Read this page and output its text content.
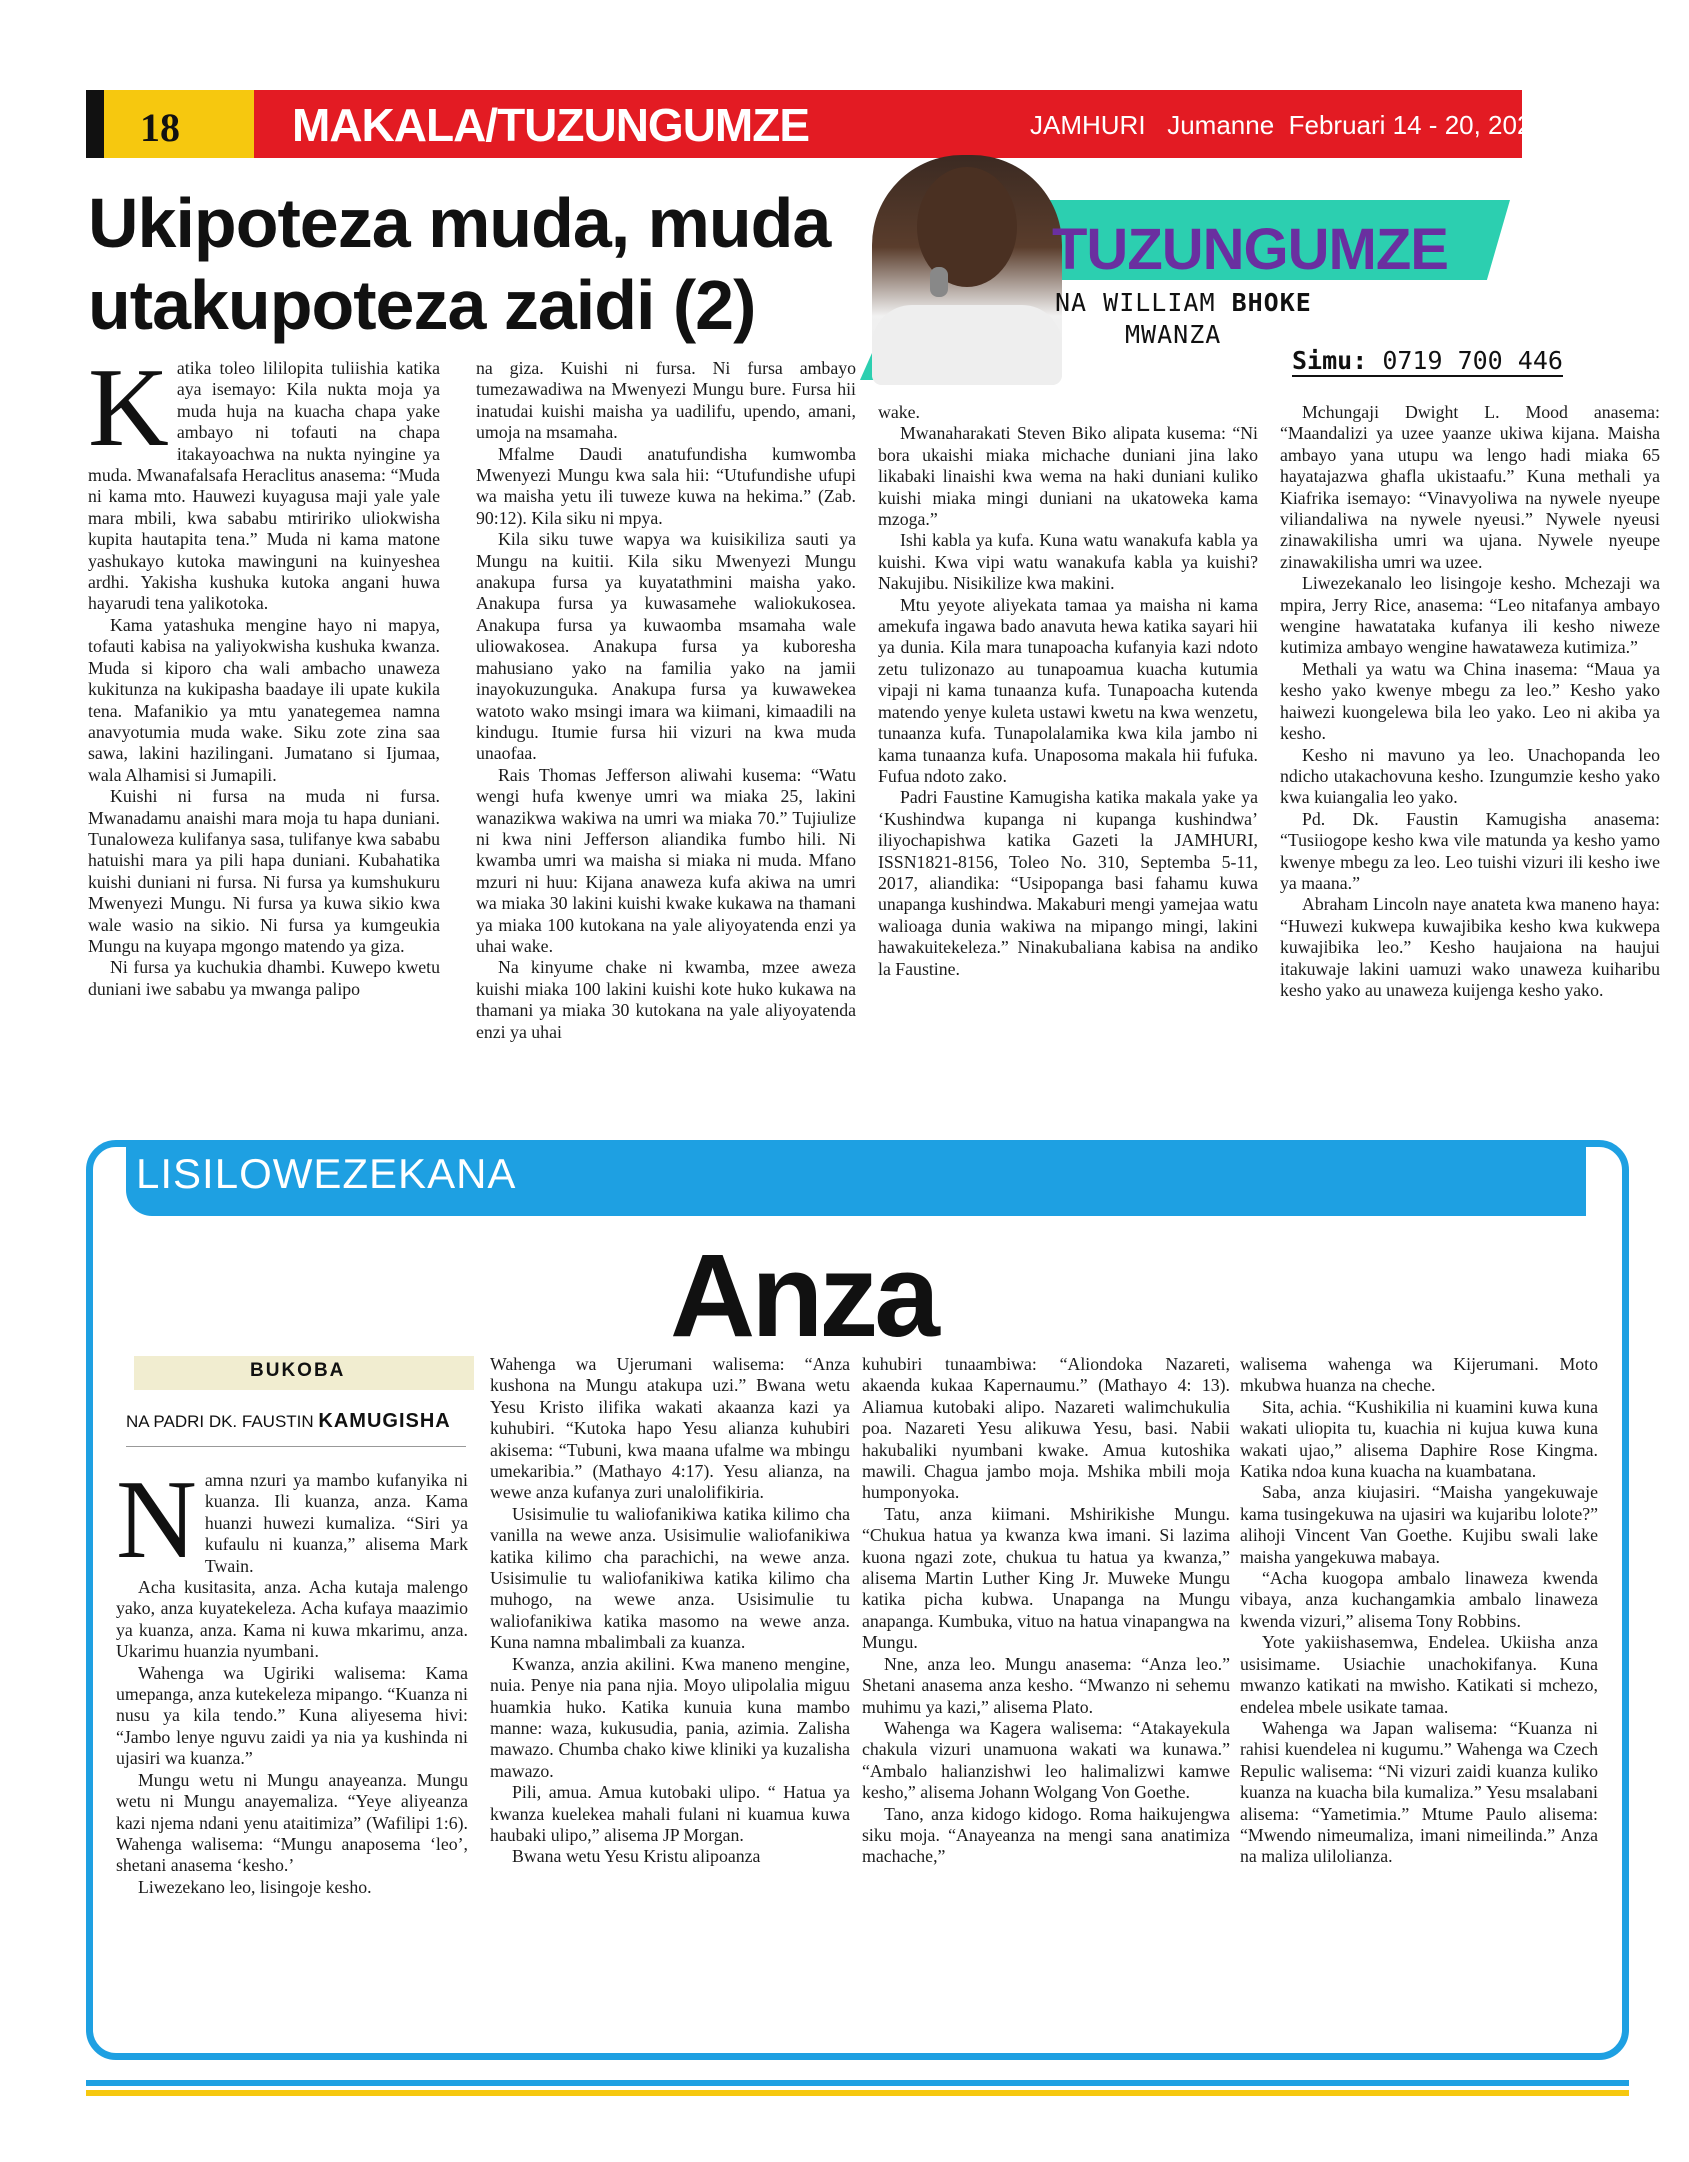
18 MAKALA/TUZUNGUMZE	JAMHURI   Jumanne  Februari 14 - 20, 2023
Ukipoteza muda, muda utakupoteza zaidi (2)
TUZUNGUMZE
NA WILLIAM BHOKE
MWANZA
Simu: 0719 700 446

Katika toleo lililopita tuliishia katika aya isemayo: Kila nukta moja ya muda huja na kuacha chapa yake ambayo ni tofauti na chapa itakayoachwa na nukta nyingine ya muda. Mwanafalsafa Heraclitus anasema: “Muda ni kama mto. Hauwezi kuyagusa maji yale yale mara mbili, kwa sababu mtiririko uliokwisha kupita hautapita tena.” Muda ni kama matone yashukayo kutoka mawinguni na kuinyeshea ardhi. Yakisha kushuka kutoka angani huwa hayarudi tena yalikotoka.

Kama yatashuka mengine hayo ni mapya, tofauti kabisa na yaliyokwisha kushuka kwanza. Muda si kiporo cha wali ambacho unaweza kukitunza na kukipasha baadaye ili upate kukila tena. Mafanikio ya mtu yanategemea namna anavyotumia muda wake. Siku zote zina saa sawa, lakini hazilingani. Jumatano si Ijumaa, wala Alhamisi si Jumapili.

Kuishi ni fursa na muda ni fursa. Mwanadamu anaishi mara moja tu hapa duniani. Tunaloweza kulifanya sasa, tulifanye kwa sababu hatuishi mara ya pili hapa duniani. Kubahatika kuishi duniani ni fursa. Ni fursa ya kumshukuru Mwenyezi Mungu. Ni fursa ya kuwa sikio kwa wale wasio na sikio. Ni fursa ya kumgeukia Mungu na kuyapa mgongo matendo ya giza.

Ni fursa ya kuchukia dhambi. Kuwepo kwetu duniani iwe sababu ya mwanga palipo

na giza. Kuishi ni fursa. Ni fursa ambayo tumezawadiwa na Mwenyezi Mungu bure. Fursa hii inatudai kuishi maisha ya uadilifu, upendo, amani, umoja na msamaha.

Mfalme Daudi anatufundisha kumwomba Mwenyezi Mungu kwa sala hii: “Utufundishe ufupi wa maisha yetu ili tuweze kuwa na hekima.” (Zab. 90:12). Kila siku ni mpya.

Kila siku tuwe wapya wa kuisikiliza sauti ya Mungu na kuitii. Kila siku Mwenyezi Mungu anakupa fursa ya kuyatathmini maisha yako. Anakupa fursa ya kuwasamehe waliokukosea. Anakupa fursa ya kuwaomba msamaha wale uliowakosea. Anakupa fursa ya kuboresha mahusiano yako na familia yako na jamii inayokuzunguka. Anakupa fursa ya kuwawekea watoto wako msingi imara wa kiimani, kimaadili na kindugu. Itumie fursa hii vizuri na kwa muda unaofaa.

Rais Thomas Jefferson aliwahi kusema: “Watu wengi hufa kwenye umri wa miaka 25, lakini wanazikwa wakiwa na umri wa miaka 70.” Tujiulize ni kwa nini Jefferson aliandika fumbo hili. Ni kwamba umri wa maisha si miaka ni muda. Mfano mzuri ni huu: Kijana anaweza kufa akiwa na umri wa miaka 30 lakini kuishi kwake kukawa na thamani ya miaka 100 kutokana na yale aliyoyatenda enzi ya uhai wake.

Na kinyume chake ni kwamba, mzee aweza kuishi miaka 100 lakini kuishi kote huko kukawa na thamani ya miaka 30 kutokana na yale aliyoyatenda enzi ya uhai

wake.

Mwanaharakati Steven Biko alipata kusema: “Ni bora ukaishi miaka michache duniani jina lako likabaki linaishi kwa wema na haki duniani kuliko kuishi miaka mingi duniani na ukatoweka kama mzoga.”

Ishi kabla ya kufa. Kuna watu wanakufa kabla ya kuishi. Kwa vipi watu wanakufa kabla ya kuishi? Nakujibu. Nisikilize kwa makini.

Mtu yeyote aliyekata tamaa ya maisha ni kama amekufa ingawa bado anavuta hewa katika sayari hii ya dunia. Kila mara tunapoacha kufanyia kazi ndoto zetu tulizonazo au tunapoamua kuacha kutumia vipaji ni kama tunaanza kufa. Tunapoacha kutenda matendo yenye kuleta ustawi kwetu na kwa wenzetu, tunaanza kufa. Tunapolalamika kwa kila jambo ni kama tunaanza kufa. Unaposoma makala hii fufuka. Fufua ndoto zako.

Padri Faustine Kamugisha katika makala yake ya ‘Kushindwa kupanga ni kupanga kushindwa’ iliyochapishwa katika Gazeti la JAMHURI, ISSN1821-8156, Toleo No. 310, Septemba 5-11, 2017, aliandika: “Usipopanga basi fahamu kuwa unapanga kushindwa. Makaburi mengi yamejaa watu walioaga dunia wakiwa na mipango mingi, lakini hawakuitekeleza.” Ninakubaliana kabisa na andiko la Faustine.

Mchungaji Dwight L. Mood anasema: “Maandalizi ya uzee yaanze ukiwa kijana. Maisha ambayo yana utupu wa lengo hadi miaka 65 hayatajazwa ghafla ukistaafu.” Kuna methali ya Kiafrika isemayo: “Vinavyoliwa na nywele nyeupe viliandaliwa na nywele nyeusi.” Nywele nyeusi zinawakilisha umri wa ujana. Nywele nyeupe zinawakilisha umri wa uzee.

Liwezekanalo leo lisingoje kesho. Mchezaji wa mpira, Jerry Rice, anasema: “Leo nitafanya ambayo wengine hawatataka kufanya ili kesho niweze kutimiza ambayo wengine hawataweza kutimiza.”

Methali ya watu wa China inasema: “Maua ya kesho yako kwenye mbegu za leo.” Kesho yako haiwezi kuongelewa bila leo yako. Leo ni akiba ya kesho.

Kesho ni mavuno ya leo. Unachopanda leo ndicho utakachovuna kesho. Izungumzie kesho yako kwa kuiangalia leo yako.

Pd. Dk. Faustin Kamugisha anasema: “Tusiiogope kesho kwa vile matunda ya kesho yamo kwenye mbegu za leo. Leo tuishi vizuri ili kesho iwe ya maana.”

Abraham Lincoln naye anateta kwa maneno haya: “Huwezi kukwepa kuwajibika kesho kwa kukwepa kuwajibika leo.” Kesho haujaiona na haujui itakuwaje lakini uamuzi wako unaweza kuiharibu kesho yako au unaweza kuijenga kesho yako.

LISILOWEZEKANA
Anza
BUKOBA
NA PADRI DK. FAUSTIN KAMUGISHA

Namna nzuri ya mambo kufanyika ni kuanza. Ili kuanza, anza. Kama huanzi huwezi kumaliza. “Siri ya kufaulu ni kuanza,” alisema Mark Twain.

Acha kusitasita, anza. Acha kutaja malengo yako, anza kuyatekeleza. Acha kufaya maazimio ya kuanza, anza. Kama ni kuwa mkarimu, anza. Ukarimu huanzia nyumbani.

Wahenga wa Ugiriki walisema: Kama umepanga, anza kutekeleza mipango. “Kuanza ni nusu ya kila tendo.” Kuna aliyesema hivi: “Jambo lenye nguvu zaidi ya nia ya kushinda ni ujasiri wa kuanza.”

Mungu wetu ni Mungu anayeanza. Mungu wetu ni Mungu anayemaliza. “Yeye aliyeanza kazi njema ndani yenu ataitimiza” (Wafilipi 1:6). Wahenga walisema: “Mungu anaposema ‘leo’, shetani anasema ‘kesho.’

Liwezekano leo, lisingoje kesho.

Wahenga wa Ujerumani walisema: “Anza kushona na Mungu atakupa uzi.” Bwana wetu Yesu Kristo ilifika wakati akaanza kazi ya kuhubiri. “Kutoka hapo Yesu alianza kuhubiri akisema: “Tubuni, kwa maana ufalme wa mbingu umekaribia.” (Mathayo 4:17). Yesu alianza, na wewe anza kufanya zuri unalolifikiria.

Usisimulie tu waliofanikiwa katika kilimo cha vanilla na wewe anza. Usisimulie waliofanikiwa katika kilimo cha parachichi, na wewe anza. Usisimulie tu waliofanikiwa katika kilimo cha muhogo, na wewe anza. Usisimulie tu waliofanikiwa katika masomo na wewe anza. Kuna namna mbalimbali za kuanza.

Kwanza, anzia akilini. Kwa maneno mengine, nuia. Penye nia pana njia. Moyo ulipolalia miguu huamkia huko. Katika kunuia kuna mambo manne: waza, kukusudia, pania, azimia. Zalisha mawazo. Chumba chako kiwe kliniki ya kuzalisha mawazo.

Pili, amua. Amua kutobaki ulipo. “ Hatua ya kwanza kuelekea mahali fulani ni kuamua kuwa haubaki ulipo,” alisema JP Morgan.

Bwana wetu Yesu Kristu alipoanza

kuhubiri tunaambiwa: “Aliondoka Nazareti, akaenda kukaa Kapernaumu.” (Mathayo 4: 13). Aliamua kutobaki alipo. Nazareti walimchukulia poa. Nazareti Yesu alikuwa Yesu, basi. Nabii hakubaliki nyumbani kwake. Amua kutoshika mawili. Chagua jambo moja. Mshika mbili moja humponyoka.

Tatu, anza kiimani. Mshirikishe Mungu. “Chukua hatua ya kwanza kwa imani. Si lazima kuona ngazi zote, chukua tu hatua ya kwanza,” alisema Martin Luther King Jr. Muweke Mungu katika picha kubwa. Unapanga na Mungu anapanga. Kumbuka, vituo na hatua vinapangwa na Mungu.

Nne, anza leo. Mungu anasema: “Anza leo.” Shetani anasema anza kesho. “Mwanzo ni sehemu muhimu ya kazi,” alisema Plato.

Wahenga wa Kagera walisema: “Atakayekula chakula vizuri unamuona wakati wa kunawa.” “Ambalo halianzishwi leo halimalizwi kamwe kesho,” alisema Johann Wolgang Von Goethe.

Tano, anza kidogo kidogo. Roma haikujengwa siku moja. “Anayeanza na mengi sana anatimiza machache,”

walisema wahenga wa Kijerumani. Moto mkubwa huanza na cheche.

Sita, achia. “Kushikilia ni kuamini kuwa kuna wakati uliopita tu, kuachia ni kujua kuwa kuna wakati ujao,” alisema Daphire Rose Kingma. Katika ndoa kuna kuacha na kuambatana.

Saba, anza kiujasiri. “Maisha yangekuwaje kama tusingekuwa na ujasiri wa kujaribu lolote?” alihoji Vincent Van Goethe. Kujibu swali lake maisha yangekuwa mabaya.

“Acha kuogopa ambalo linaweza kwenda vibaya, anza kuchangamkia ambalo linaweza kwenda vizuri,” alisema Tony Robbins.

Yote yakiishasemwa, Endelea. Ukiisha anza usisimame. Usiachie unachokifanya. Kuna mwanzo katikati na mwisho. Katikati si mchezo, endelea mbele usikate tamaa.

Wahenga wa Japan walisema: “Kuanza ni rahisi kuendelea ni kugumu.” Wahenga wa Czech Repulic walisema: “Ni vizuri zaidi kuanza kuliko kuanza na kuacha bila kumaliza.” Yesu msalabani alisema: “Yametimia.” Mtume Paulo alisema: “Mwendo nimeumaliza, imani nimeilinda.” Anza na maliza ulilolianza.
